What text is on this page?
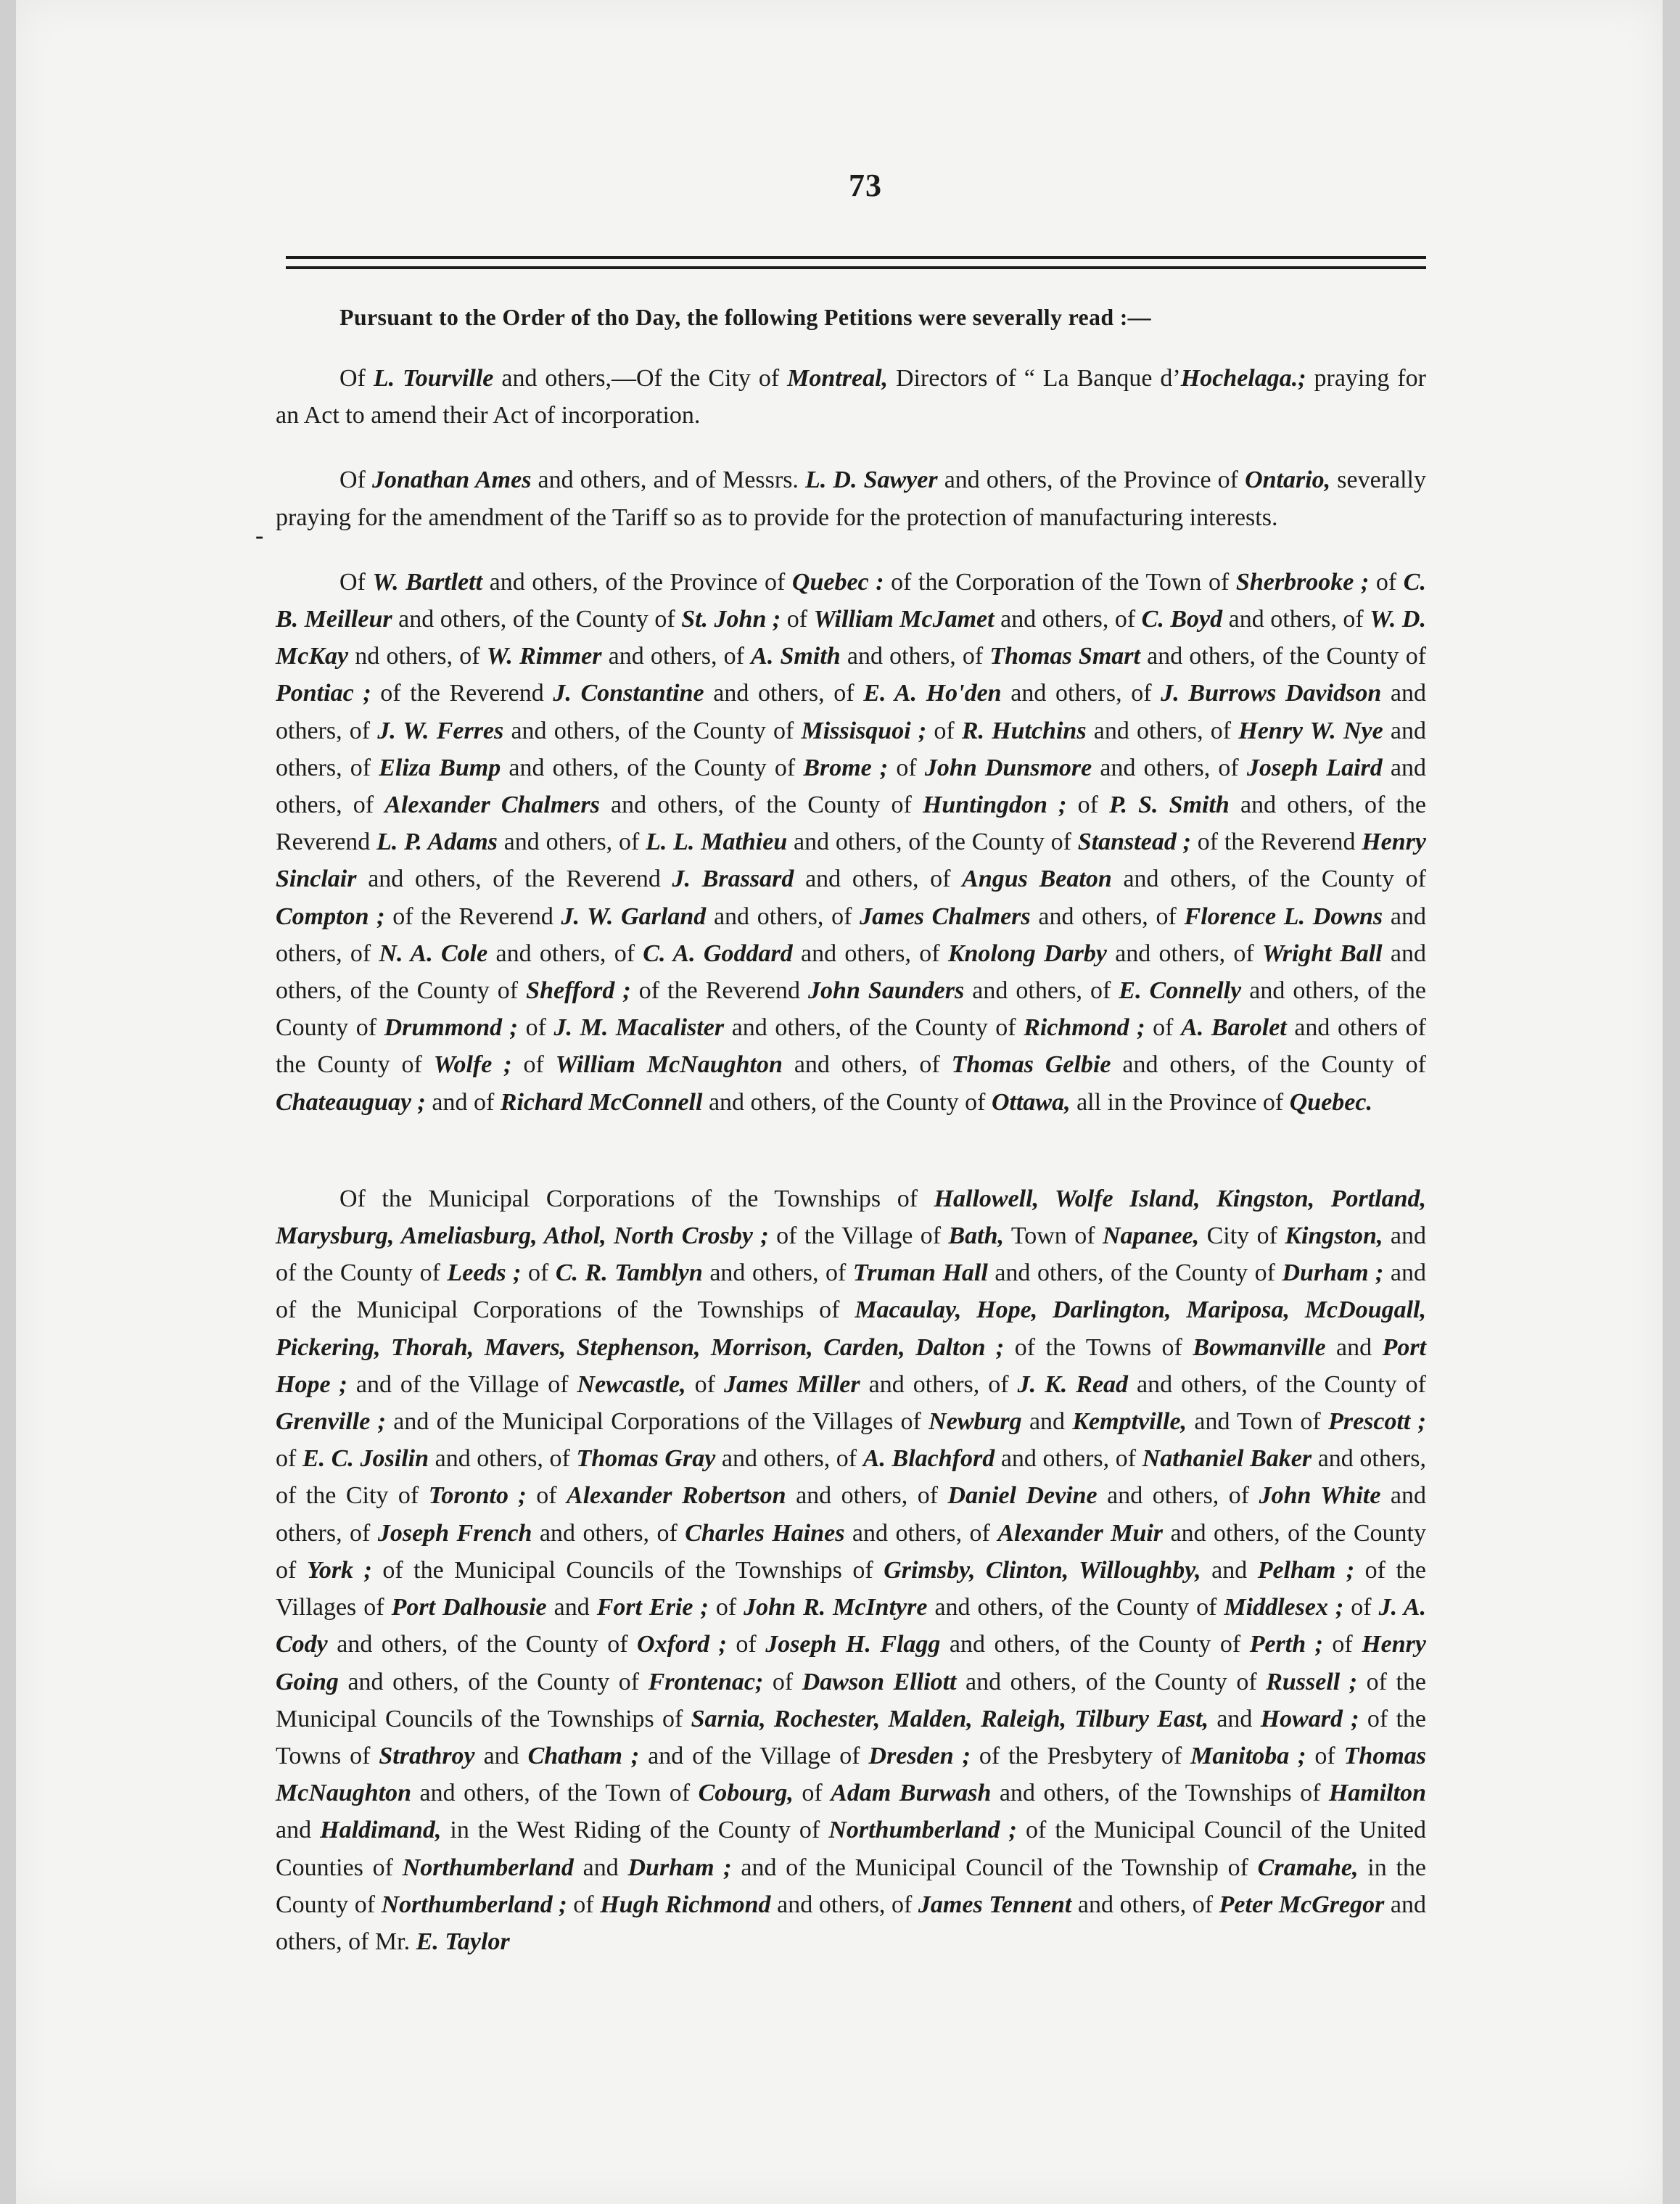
-
73
Pursuant to the Order of tho Day, the following Petitions were severally read :—

Of L. Tourville and others,—Of the City of Montreal, Directors of “ La Banque d’Hochelaga.; praying for an Act to amend their Act of incorporation.

Of Jonathan Ames and others, and of Messrs. L. D. Sawyer and others, of the Province of Ontario, severally praying for the amendment of the Tariff so as to provide for the protection of manufacturing interests.

Of W. Bartlett and others, of the Province of Quebec : of the Corporation of the Town of Sherbrooke ; of C. B. Meilleur and others, of the County of St. John ; of William McJamet and others, of C. Boyd and others, of W. D. McKay nd others, of W. Rimmer and others, of A. Smith and others, of Thomas Smart and others, of the County of Pontiac ; of the Reverend J. Constantine and others, of E. A. Ho'den and others, of J. Burrows Davidson and others, of J. W. Ferres and others, of the County of Missisquoi ; of R. Hutchins and others, of Henry W. Nye and others, of Eliza Bump and others, of the County of Brome ; of John Dunsmore and others, of Joseph Laird and others, of Alexander Chalmers and others, of the County of Huntingdon ; of P. S. Smith and others, of the Reverend L. P. Adams and others, of L. L. Mathieu and others, of the County of Stanstead ; of the Reverend Henry Sinclair and others, of the Reverend J. Brassard and others, of Angus Beaton and others, of the County of Compton ; of the Reverend J. W. Garland and others, of James Chalmers and others, of Florence L. Downs and others, of N. A. Cole and others, of C. A. Goddard and others, of Knolong Darby and others, of Wright Ball and others, of the County of Shefford ; of the Reverend John Saunders and others, of E. Connelly and others, of the County of Drummond ; of J. M. Macalister and others, of the County of Richmond ; of A. Barolet and others of the County of Wolfe ; of William McNaughton and others, of Thomas Gelbie and others, of the County of Chateauguay ; and of Richard McConnell and others, of the County of Ottawa, all in the Province of Quebec.

Of the Municipal Corporations of the Townships of Hallowell, Wolfe Island, Kingston, Portland, Marysburg, Ameliasburg, Athol, North Crosby ; of the Village of Bath, Town of Napanee, City of Kingston, and of the County of Leeds ; of C. R. Tamblyn and others, of Truman Hall and others, of the County of Durham ; and of the Municipal Corporations of the Townships of Macaulay, Hope, Darlington, Mariposa, McDougall, Pickering, Thorah, Mavers, Stephenson, Morrison, Carden, Dalton ; of the Towns of Bowmanville and Port Hope ; and of the Village of Newcastle, of James Miller and others, of J. K. Read and others, of the County of Grenville ; and of the Municipal Corporations of the Villages of Newburg and Kemptville, and Town of Prescott ; of E. C. Josilin and others, of Thomas Gray and others, of A. Blachford and others, of Nathaniel Baker and others, of the City of Toronto ; of Alexander Robertson and others, of Daniel Devine and others, of John White and others, of Joseph French and others, of Charles Haines and others, of Alexander Muir and others, of the County of York ; of the Municipal Councils of the Townships of Grimsby, Clinton, Willoughby, and Pelham ; of the Villages of Port Dalhousie and Fort Erie ; of John R. McIntyre and others, of the County of Middlesex ; of J. A. Cody and others, of the County of Oxford ; of Joseph H. Flagg and others, of the County of Perth ; of Henry Going and others, of the County of Frontenac; of Dawson Elliott and others, of the County of Russell ; of the Municipal Councils of the Townships of Sarnia, Rochester, Malden, Raleigh, Tilbury East, and Howard ; of the Towns of Strathroy and Chatham ; and of the Village of Dresden ; of the Presbytery of Manitoba ; of Thomas McNaughton and others, of the Town of Cobourg, of Adam Burwash and others, of the Townships of Hamilton and Haldimand, in the West Riding of the County of Northumberland ; of the Municipal Council of the United Counties of Northumberland and Durham ; and of the Municipal Council of the Township of Cramahe, in the County of Northumberland ; of Hugh Richmond and others, of James Tennent and others, of Peter McGregor and others, of Mr. E. Taylor
